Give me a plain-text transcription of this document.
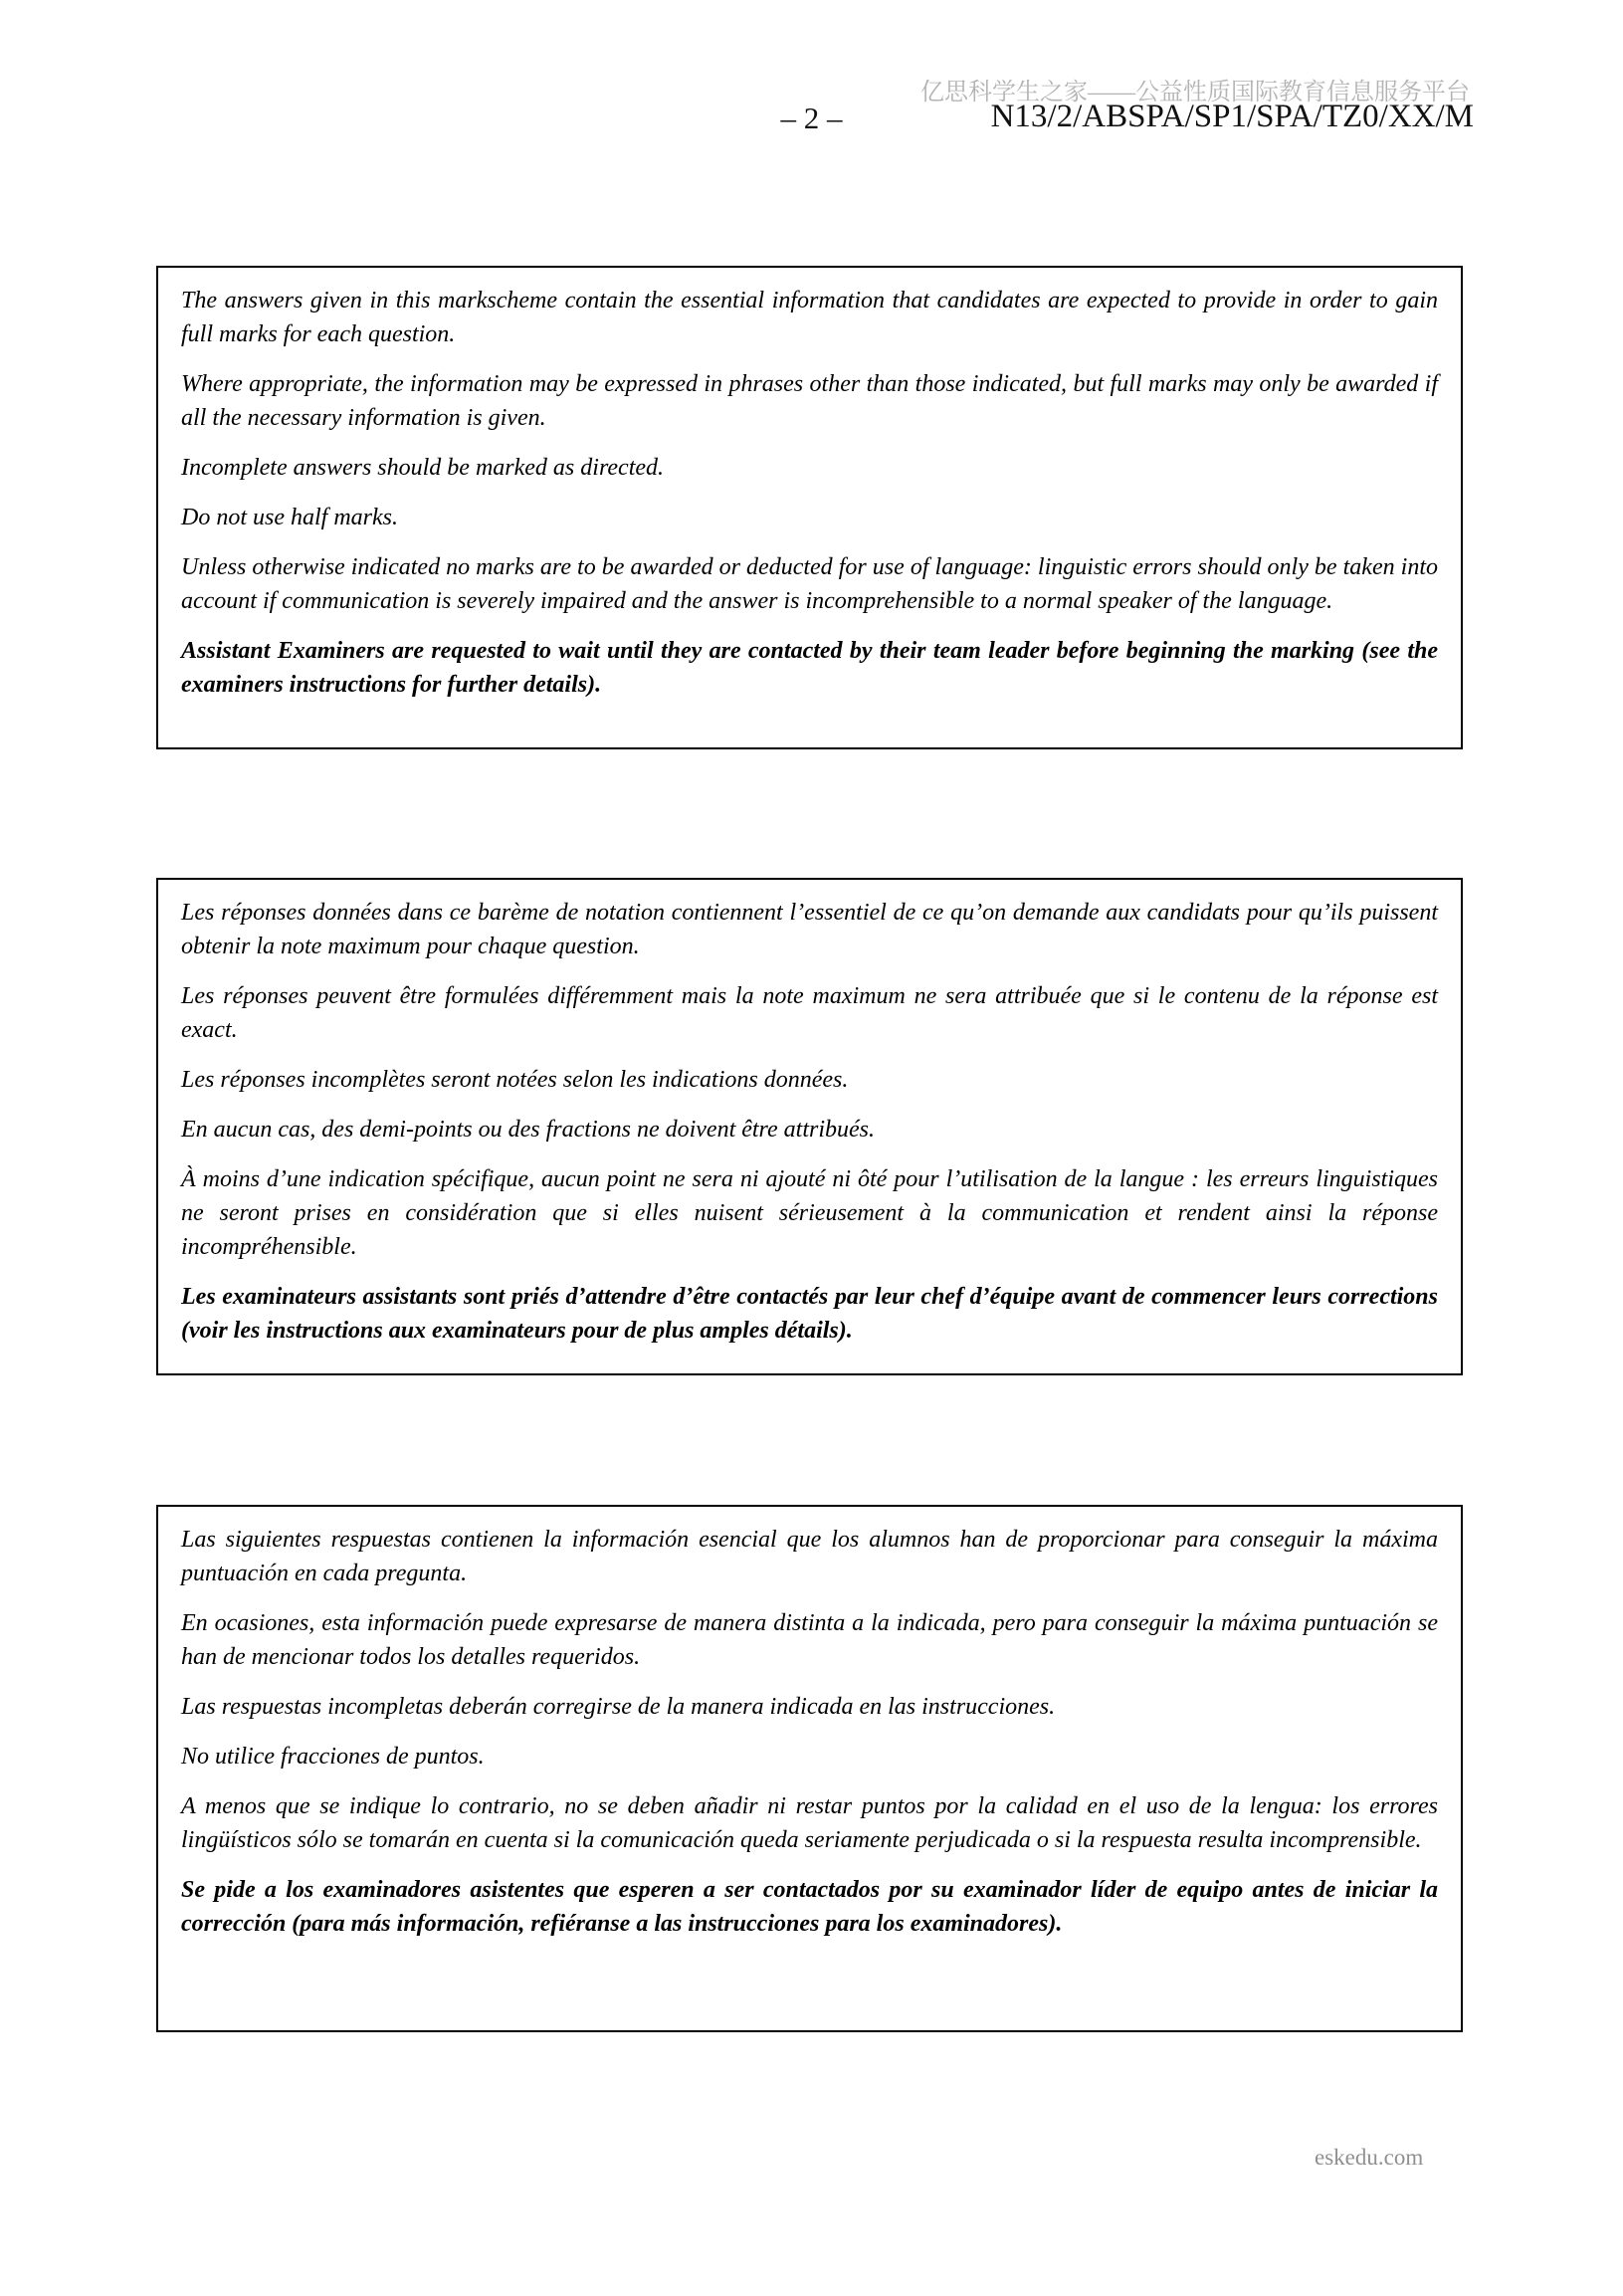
亿思科学生之家——公益性质国际教育信息服务平台
– 2 –	N13/2/ABSPA/SP1/SPA/TZ0/XX/M

The answers given in this markscheme contain the essential information that candidates are expected to provide in order to gain full marks for each question.

Where appropriate, the information may be expressed in phrases other than those indicated, but full marks may only be awarded if all the necessary information is given.

Incomplete answers should be marked as directed.

Do not use half marks.

Unless otherwise indicated no marks are to be awarded or deducted for use of language: linguistic errors should only be taken into account if communication is severely impaired and the answer is incomprehensible to a normal speaker of the language.

Assistant Examiners are requested to wait until they are contacted by their team leader before beginning the marking (see the examiners instructions for further details).

Les réponses données dans ce barème de notation contiennent l’essentiel de ce qu’on demande aux candidats pour qu’ils puissent obtenir la note maximum pour chaque question.

Les réponses peuvent être formulées différemment mais la note maximum ne sera attribuée que si le contenu de la réponse est exact.

Les réponses incomplètes seront notées selon les indications données.

En aucun cas, des demi-points ou des fractions ne doivent être attribués.

À moins d’une indication spécifique, aucun point ne sera ni ajouté ni ôté pour l’utilisation de la langue : les erreurs linguistiques ne seront prises en considération que si elles nuisent sérieusement à la communication et rendent ainsi la réponse incompréhensible.

Les examinateurs assistants sont priés d’attendre d’être contactés par leur chef d’équipe avant de commencer leurs corrections (voir les instructions aux examinateurs pour de plus amples détails).

Las siguientes respuestas contienen la información esencial que los alumnos han de proporcionar para conseguir la máxima puntuación en cada pregunta.

En ocasiones, esta información puede expresarse de manera distinta a la indicada, pero para conseguir la máxima puntuación se han de mencionar todos los detalles requeridos.

Las respuestas incompletas deberán corregirse de la manera indicada en las instrucciones.

No utilice fracciones de puntos.

A menos que se indique lo contrario, no se deben añadir ni restar puntos por la calidad en el uso de la lengua: los errores lingüísticos sólo se tomarán en cuenta si la comunicación queda seriamente perjudicada o si la respuesta resulta incomprensible.

Se pide a los examinadores asistentes que esperen a ser contactados por su examinador líder de equipo antes de iniciar la corrección (para más información, refiéranse a las instrucciones para los examinadores).

eskedu.com
